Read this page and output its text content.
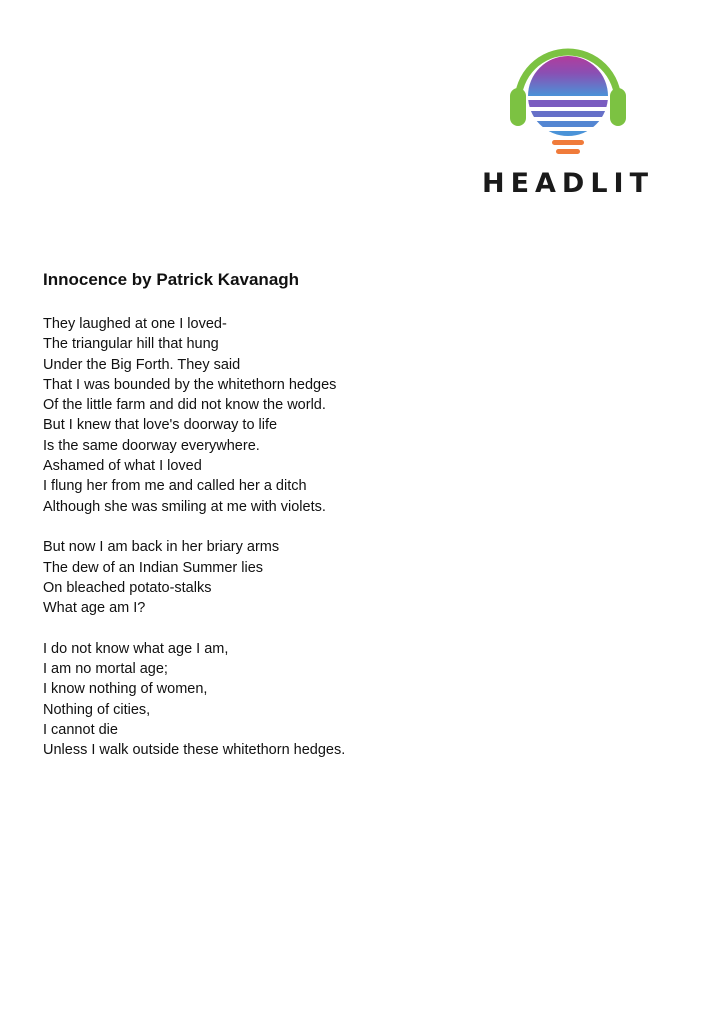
HEADLIT
Innocence by Patrick Kavanagh
They laughed at one I loved-
The triangular hill that hung
Under the Big Forth. They said
That I was bounded by the whitethorn hedges
Of the little farm and did not know the world.
But I knew that love's doorway to life
Is the same doorway everywhere.
Ashamed of what I loved
I flung her from me and called her a ditch
Although she was smiling at me with violets.
But now I am back in her briary arms
The dew of an Indian Summer lies
On bleached potato-stalks
What age am I?
I do not know what age I am,
I am no mortal age;
I know nothing of women,
Nothing of cities,
I cannot die
Unless I walk outside these whitethorn hedges.
